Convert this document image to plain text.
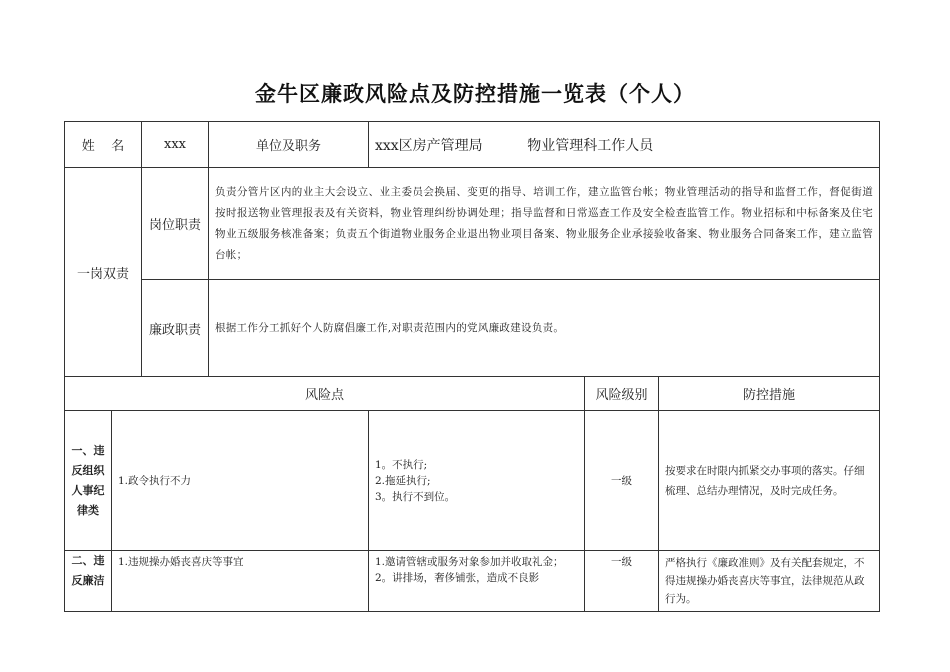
金牛区廉政风险点及防控措施一览表（个人）
姓    名		xxx	单位及职务	xxx区房产管理局          物业管理科工作人员		
一岗双责		岗位职责	负责分管片区内的业主大会设立、业主委员会换届、变更的指导、培训工作，建立监管台帐；物业管理活动的指导和监督工作，督促街道按时报送物业管理报表及有关资料，物业管理纠纷协调处理；指导监督和日常巡查工作及安全检查监管工作。物业招标和中标备案及住宅物业五级服务核准备案；负责五个街道物业服务企业退出物业项目备案、物业服务企业承接验收备案、物业服务合同备案工作，建立监管台帐；			
		廉政职责	根据工作分工抓好个人防腐倡廉工作,对职责范围内的党风廉政建设负责。			
风险点					风险级别	防控措施
一、违反组织人事纪律类	1.政令执行不力			1。不执行;
2.拖延执行;
3。执行不到位。	一级	按要求在时限内抓紧交办事项的落实。仔细梳理、总结办理情况，及时完成任务。
二、违反廉洁	1.违规操办婚丧喜庆等事宜			1.邀请管辖或服务对象参加并收取礼金；
2。讲排场，奢侈铺张，造成不良影	一级	严格执行《廉政准则》及有关配套规定，不得违规操办婚丧喜庆等事宜，法律规范从政行为。
